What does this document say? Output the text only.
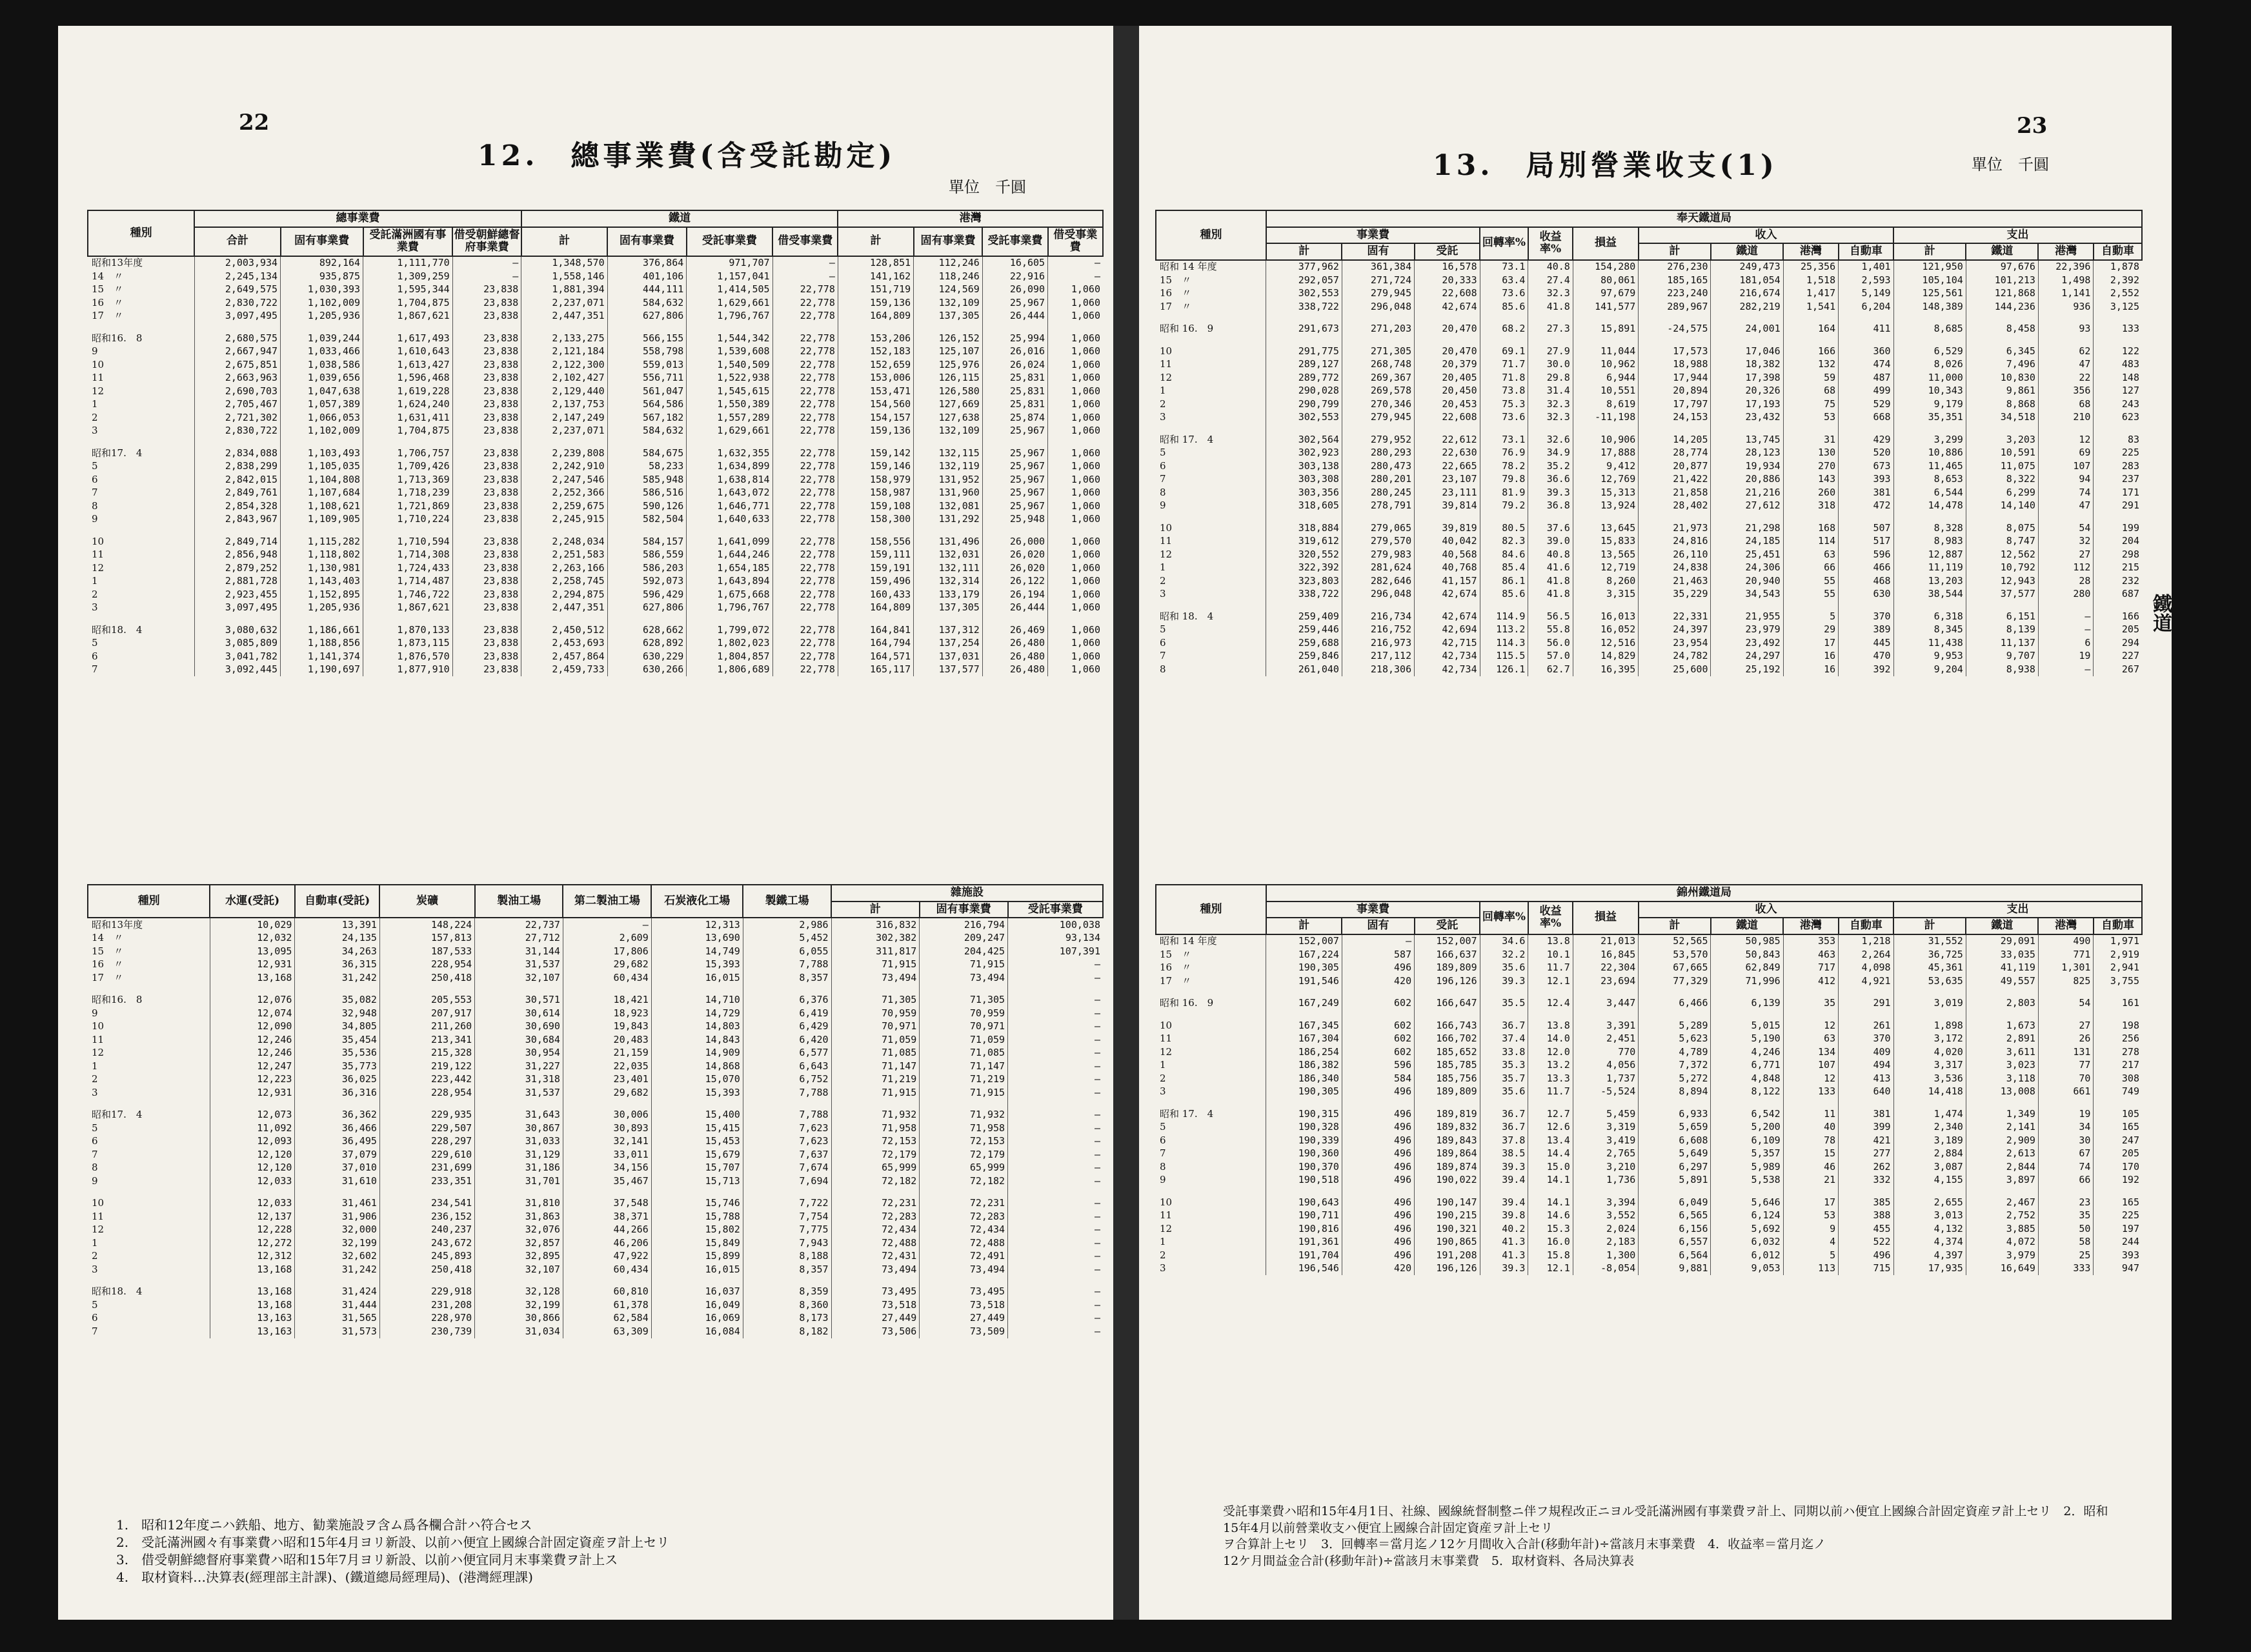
22
12.　總事業費(含受託勘定)
單位　千圓
種別	總事業費				鐵道				港灣			
	合計	固有事業費	受託滿洲國有事業費	借受朝鮮總督府事業費	計	固有事業費	受託事業費	借受事業費	計	固有事業費	受託事業費	借受事業費
昭和13年度	2,003,934	892,164	1,111,770	—	1,348,570	376,864	971,707	—	128,851	112,246	16,605	—
14　〃	2,245,134	935,875	1,309,259	—	1,558,146	401,106	1,157,041	—	141,162	118,246	22,916	—
15　〃	2,649,575	1,030,393	1,595,344	23,838	1,881,394	444,111	1,414,505	22,778	151,719	124,569	26,090	1,060
16　〃	2,830,722	1,102,009	1,704,875	23,838	2,237,071	584,632	1,629,661	22,778	159,136	132,109	25,967	1,060
17　〃	3,097,495	1,205,936	1,867,621	23,838	2,447,351	627,806	1,796,767	22,778	164,809	137,305	26,444	1,060

昭和16.　8	2,680,575	1,039,244	1,617,493	23,838	2,133,275	566,155	1,544,342	22,778	153,206	126,152	25,994	1,060
9	2,667,947	1,033,466	1,610,643	23,838	2,121,184	558,798	1,539,608	22,778	152,183	125,107	26,016	1,060
10	2,675,851	1,038,586	1,613,427	23,838	2,122,300	559,013	1,540,509	22,778	152,659	125,976	26,024	1,060
11	2,663,963	1,039,656	1,596,468	23,838	2,102,427	556,711	1,522,938	22,778	153,006	126,115	25,831	1,060
12	2,690,703	1,047,638	1,619,228	23,838	2,129,440	561,047	1,545,615	22,778	153,471	126,580	25,831	1,060
1	2,705,467	1,057,389	1,624,240	23,838	2,137,753	564,586	1,550,389	22,778	154,560	127,669	25,831	1,060
2	2,721,302	1,066,053	1,631,411	23,838	2,147,249	567,182	1,557,289	22,778	154,157	127,638	25,874	1,060
3	2,830,722	1,102,009	1,704,875	23,838	2,237,071	584,632	1,629,661	22,778	159,136	132,109	25,967	1,060

昭和17.　4	2,834,088	1,103,493	1,706,757	23,838	2,239,808	584,675	1,632,355	22,778	159,142	132,115	25,967	1,060
5	2,838,299	1,105,035	1,709,426	23,838	2,242,910	58,233	1,634,899	22,778	159,146	132,119	25,967	1,060
6	2,842,015	1,104,808	1,713,369	23,838	2,247,546	585,948	1,638,814	22,778	158,979	131,952	25,967	1,060
7	2,849,761	1,107,684	1,718,239	23,838	2,252,366	586,516	1,643,072	22,778	158,987	131,960	25,967	1,060
8	2,854,328	1,108,621	1,721,869	23,838	2,259,675	590,126	1,646,771	22,778	159,108	132,081	25,967	1,060
9	2,843,967	1,109,905	1,710,224	23,838	2,245,915	582,504	1,640,633	22,778	158,300	131,292	25,948	1,060

10	2,849,714	1,115,282	1,710,594	23,838	2,248,034	584,157	1,641,099	22,778	158,556	131,496	26,000	1,060
11	2,856,948	1,118,802	1,714,308	23,838	2,251,583	586,559	1,644,246	22,778	159,111	132,031	26,020	1,060
12	2,879,252	1,130,981	1,724,433	23,838	2,263,166	586,203	1,654,185	22,778	159,191	132,111	26,020	1,060
1	2,881,728	1,143,403	1,714,487	23,838	2,258,745	592,073	1,643,894	22,778	159,496	132,314	26,122	1,060
2	2,923,455	1,152,895	1,746,722	23,838	2,294,875	596,429	1,675,668	22,778	160,433	133,179	26,194	1,060
3	3,097,495	1,205,936	1,867,621	23,838	2,447,351	627,806	1,796,767	22,778	164,809	137,305	26,444	1,060

昭和18.　4	3,080,632	1,186,661	1,870,133	23,838	2,450,512	628,662	1,799,072	22,778	164,841	137,312	26,469	1,060
5	3,085,809	1,188,856	1,873,115	23,838	2,453,693	628,892	1,802,023	22,778	164,794	137,254	26,480	1,060
6	3,041,782	1,141,374	1,876,570	23,838	2,457,864	630,229	1,804,857	22,778	164,571	137,031	26,480	1,060
7	3,092,445	1,190,697	1,877,910	23,838	2,459,733	630,266	1,806,689	22,778	165,117	137,577	26,480	1,060
種別	水運(受託)	自動車(受託)	炭礦	製油工場	第二製油工場	石炭液化工場	製鐵工場	雜施設		
								計	固有事業費	受託事業費
昭和13年度	10,029	13,391	148,224	22,737	—	12,313	2,986	316,832	216,794	100,038
14　〃	12,032	24,135	157,813	27,712	2,609	13,690	5,452	302,382	209,247	93,134
15　〃	13,095	34,263	187,533	31,144	17,806	14,749	6,055	311,817	204,425	107,391
16　〃	12,931	36,315	228,954	31,537	29,682	15,393	7,788	71,915	71,915	—
17　〃	13,168	31,242	250,418	32,107	60,434	16,015	8,357	73,494	73,494	—

昭和16.　8	12,076	35,082	205,553	30,571	18,421	14,710	6,376	71,305	71,305	—
9	12,074	32,948	207,917	30,614	18,923	14,729	6,419	70,959	70,959	—
10	12,090	34,805	211,260	30,690	19,843	14,803	6,429	70,971	70,971	—
11	12,246	35,454	213,341	30,684	20,483	14,843	6,420	71,059	71,059	—
12	12,246	35,536	215,328	30,954	21,159	14,909	6,577	71,085	71,085	—
1	12,247	35,773	219,122	31,227	22,035	14,868	6,643	71,147	71,147	—
2	12,223	36,025	223,442	31,318	23,401	15,070	6,752	71,219	71,219	—
3	12,931	36,316	228,954	31,537	29,682	15,393	7,788	71,915	71,915	—

昭和17.　4	12,073	36,362	229,935	31,643	30,006	15,400	7,788	71,932	71,932	—
5	11,092	36,466	229,507	30,867	30,893	15,415	7,623	71,958	71,958	—
6	12,093	36,495	228,297	31,033	32,141	15,453	7,623	72,153	72,153	—
7	12,120	37,079	229,610	31,129	33,011	15,679	7,637	72,179	72,179	—
8	12,120	37,010	231,699	31,186	34,156	15,707	7,674	65,999	65,999	—
9	12,033	31,610	233,351	31,701	35,467	15,713	7,694	72,182	72,182	—

10	12,033	31,461	234,541	31,810	37,548	15,746	7,722	72,231	72,231	—
11	12,137	31,906	236,152	31,863	38,371	15,788	7,754	72,283	72,283	—
12	12,228	32,000	240,237	32,076	44,266	15,802	7,775	72,434	72,434	—
1	12,272	32,199	243,672	32,857	46,206	15,849	7,943	72,488	72,488	—
2	12,312	32,602	245,893	32,895	47,922	15,899	8,188	72,431	72,491	—
3	13,168	31,242	250,418	32,107	60,434	16,015	8,357	73,494	73,494	—

昭和18.　4	13,168	31,424	229,918	32,128	60,810	16,037	8,359	73,495	73,495	—
5	13,168	31,444	231,208	32,199	61,378	16,049	8,360	73,518	73,518	—
6	13,163	31,565	228,970	30,866	62,584	16,069	8,173	27,449	27,449	—
7	13,163	31,573	230,739	31,034	63,309	16,084	8,182	73,506	73,509	—
1.　昭和12年度ニハ鉄船、地方、勧業施設ヲ含ム爲各欄合計ハ符合セス
2.　受託滿洲國々有事業費ハ昭和15年4月ヨリ新設、以前ハ便宜上國線合計固定資産ヲ計上セリ
3.　借受朝鮮總督府事業費ハ昭和15年7月ヨリ新設、以前ハ便宜同月末事業費ヲ計上ス
4.　取材資料…決算表(經理部主計課)、(鐵道總局經理局)、(港灣經理課)
23
13.　局別營業收支(1)	單位　千圓
鐵道
種別	奉天鐵道局													
	事業費			回轉率%	收益率%	損益	收入				支出			
	計	固有	受託				計	鐵道	港灣	自動車	計	鐵道	港灣	自動車
昭和 14 年度	377,962	361,384	16,578	73.1	40.8	154,280	276,230	249,473	25,356	1,401	121,950	97,676	22,396	1,878
15　〃	292,057	271,724	20,333	63.4	27.4	80,061	185,165	181,054	1,518	2,593	105,104	101,213	1,498	2,392
16　〃	302,553	279,945	22,608	73.6	32.3	97,679	223,240	216,674	1,417	5,149	125,561	121,868	1,141	2,552
17　〃	338,722	296,048	42,674	85.6	41.8	141,577	289,967	282,219	1,541	6,204	148,389	144,236	936	3,125

昭和 16.　9	291,673	271,203	20,470	68.2	27.3	15,891	-24,575	24,001	164	411	8,685	8,458	93	133

10	291,775	271,305	20,470	69.1	27.9	11,044	17,573	17,046	166	360	6,529	6,345	62	122
11	289,127	268,748	20,379	71.7	30.0	10,962	18,988	18,382	132	474	8,026	7,496	47	483
12	289,772	269,367	20,405	71.8	29.8	6,944	17,944	17,398	59	487	11,000	10,830	22	148
1	290,028	269,578	20,450	73.8	31.4	10,551	20,894	20,326	68	499	10,343	9,861	356	127
2	290,799	270,346	20,453	75.3	32.3	8,619	17,797	17,193	75	529	9,179	8,868	68	243
3	302,553	279,945	22,608	73.6	32.3	-11,198	24,153	23,432	53	668	35,351	34,518	210	623

昭和 17.　4	302,564	279,952	22,612	73.1	32.6	10,906	14,205	13,745	31	429	3,299	3,203	12	83
5	302,923	280,293	22,630	76.9	34.9	17,888	28,774	28,123	130	520	10,886	10,591	69	225
6	303,138	280,473	22,665	78.2	35.2	9,412	20,877	19,934	270	673	11,465	11,075	107	283
7	303,308	280,201	23,107	79.8	36.6	12,769	21,422	20,886	143	393	8,653	8,322	94	237
8	303,356	280,245	23,111	81.9	39.3	15,313	21,858	21,216	260	381	6,544	6,299	74	171
9	318,605	278,791	39,814	79.2	36.8	13,924	28,402	27,612	318	472	14,478	14,140	47	291

10	318,884	279,065	39,819	80.5	37.6	13,645	21,973	21,298	168	507	8,328	8,075	54	199
11	319,612	279,570	40,042	82.3	39.0	15,833	24,816	24,185	114	517	8,983	8,747	32	204
12	320,552	279,983	40,568	84.6	40.8	13,565	26,110	25,451	63	596	12,887	12,562	27	298
1	322,392	281,624	40,768	85.4	41.6	12,719	24,838	24,306	66	466	11,119	10,792	112	215
2	323,803	282,646	41,157	86.1	41.8	8,260	21,463	20,940	55	468	13,203	12,943	28	232
3	338,722	296,048	42,674	85.6	41.8	3,315	35,229	34,543	55	630	38,544	37,577	280	687

昭和 18.　4	259,409	216,734	42,674	114.9	56.5	16,013	22,331	21,955	5	370	6,318	6,151	—	166
5	259,446	216,752	42,694	113.2	55.8	16,052	24,397	23,979	29	389	8,345	8,139	—	205
6	259,688	216,973	42,715	114.3	56.0	12,516	23,954	23,492	17	445	11,438	11,137	6	294
7	259,846	217,112	42,734	115.5	57.0	14,829	24,782	24,297	16	470	9,953	9,707	19	227
8	261,040	218,306	42,734	126.1	62.7	16,395	25,600	25,192	16	392	9,204	8,938	—	267
種別	錦州鐵道局													
	事業費			回轉率%	收益率%	損益	收入				支出			
	計	固有	受託				計	鐵道	港灣	自動車	計	鐵道	港灣	自動車
昭和 14 年度	152,007	—	152,007	34.6	13.8	21,013	52,565	50,985	353	1,218	31,552	29,091	490	1,971
15　〃	167,224	587	166,637	32.2	10.1	16,845	53,570	50,843	463	2,264	36,725	33,035	771	2,919
16　〃	190,305	496	189,809	35.6	11.7	22,304	67,665	62,849	717	4,098	45,361	41,119	1,301	2,941
17　〃	191,546	420	196,126	39.3	12.1	23,694	77,329	71,996	412	4,921	53,635	49,557	825	3,755

昭和 16.　9	167,249	602	166,647	35.5	12.4	3,447	6,466	6,139	35	291	3,019	2,803	54	161

10	167,345	602	166,743	36.7	13.8	3,391	5,289	5,015	12	261	1,898	1,673	27	198
11	167,304	602	166,702	37.4	14.0	2,451	5,623	5,190	63	370	3,172	2,891	26	256
12	186,254	602	185,652	33.8	12.0	770	4,789	4,246	134	409	4,020	3,611	131	278
1	186,382	596	185,785	35.3	13.2	4,056	7,372	6,771	107	494	3,317	3,023	77	217
2	186,340	584	185,756	35.7	13.3	1,737	5,272	4,848	12	413	3,536	3,118	70	308
3	190,305	496	189,809	35.6	11.7	-5,524	8,894	8,122	133	640	14,418	13,008	661	749

昭和 17.　4	190,315	496	189,819	36.7	12.7	5,459	6,933	6,542	11	381	1,474	1,349	19	105
5	190,328	496	189,832	36.7	12.6	3,319	5,659	5,200	40	399	2,340	2,141	34	165
6	190,339	496	189,843	37.8	13.4	3,419	6,608	6,109	78	421	3,189	2,909	30	247
7	190,360	496	189,864	38.5	14.4	2,765	5,649	5,357	15	277	2,884	2,613	67	205
8	190,370	496	189,874	39.3	15.0	3,210	6,297	5,989	46	262	3,087	2,844	74	170
9	190,518	496	190,022	39.4	14.1	1,736	5,891	5,538	21	332	4,155	3,897	66	192

10	190,643	496	190,147	39.4	14.1	3,394	6,049	5,646	17	385	2,655	2,467	23	165
11	190,711	496	190,215	39.8	14.6	3,552	6,565	6,124	53	388	3,013	2,752	35	225
12	190,816	496	190,321	40.2	15.3	2,024	6,156	5,692	9	455	4,132	3,885	50	197
1	191,361	496	190,865	41.3	16.0	2,183	6,557	6,032	4	522	4,374	4,072	58	244
2	191,704	496	191,208	41.3	15.8	1,300	6,564	6,012	5	496	4,397	3,979	25	393
3	196,546	420	196,126	39.3	12.1	-8,054	9,881	9,053	113	715	17,935	16,649	333	947
受託事業費ハ昭和15年4月1日、社線、國線統督制整ニ伴フ規程改正ニヨル受託滿洲國有事業費ヲ計上、同期以前ハ便宜上國線合計固定資産ヲ計上セリ　2．昭和15年4月以前營業收支ハ便宜上國線合計固定資産ヲ計上セリ
ヲ合算計上セリ　3．回轉率＝當月迄ノ12ケ月間收入合計(移動年計)÷當該月末事業費　4．收益率＝當月迄ノ
12ケ月間益金合計(移動年計)÷當該月末事業費　5．取材資料、各局決算表
